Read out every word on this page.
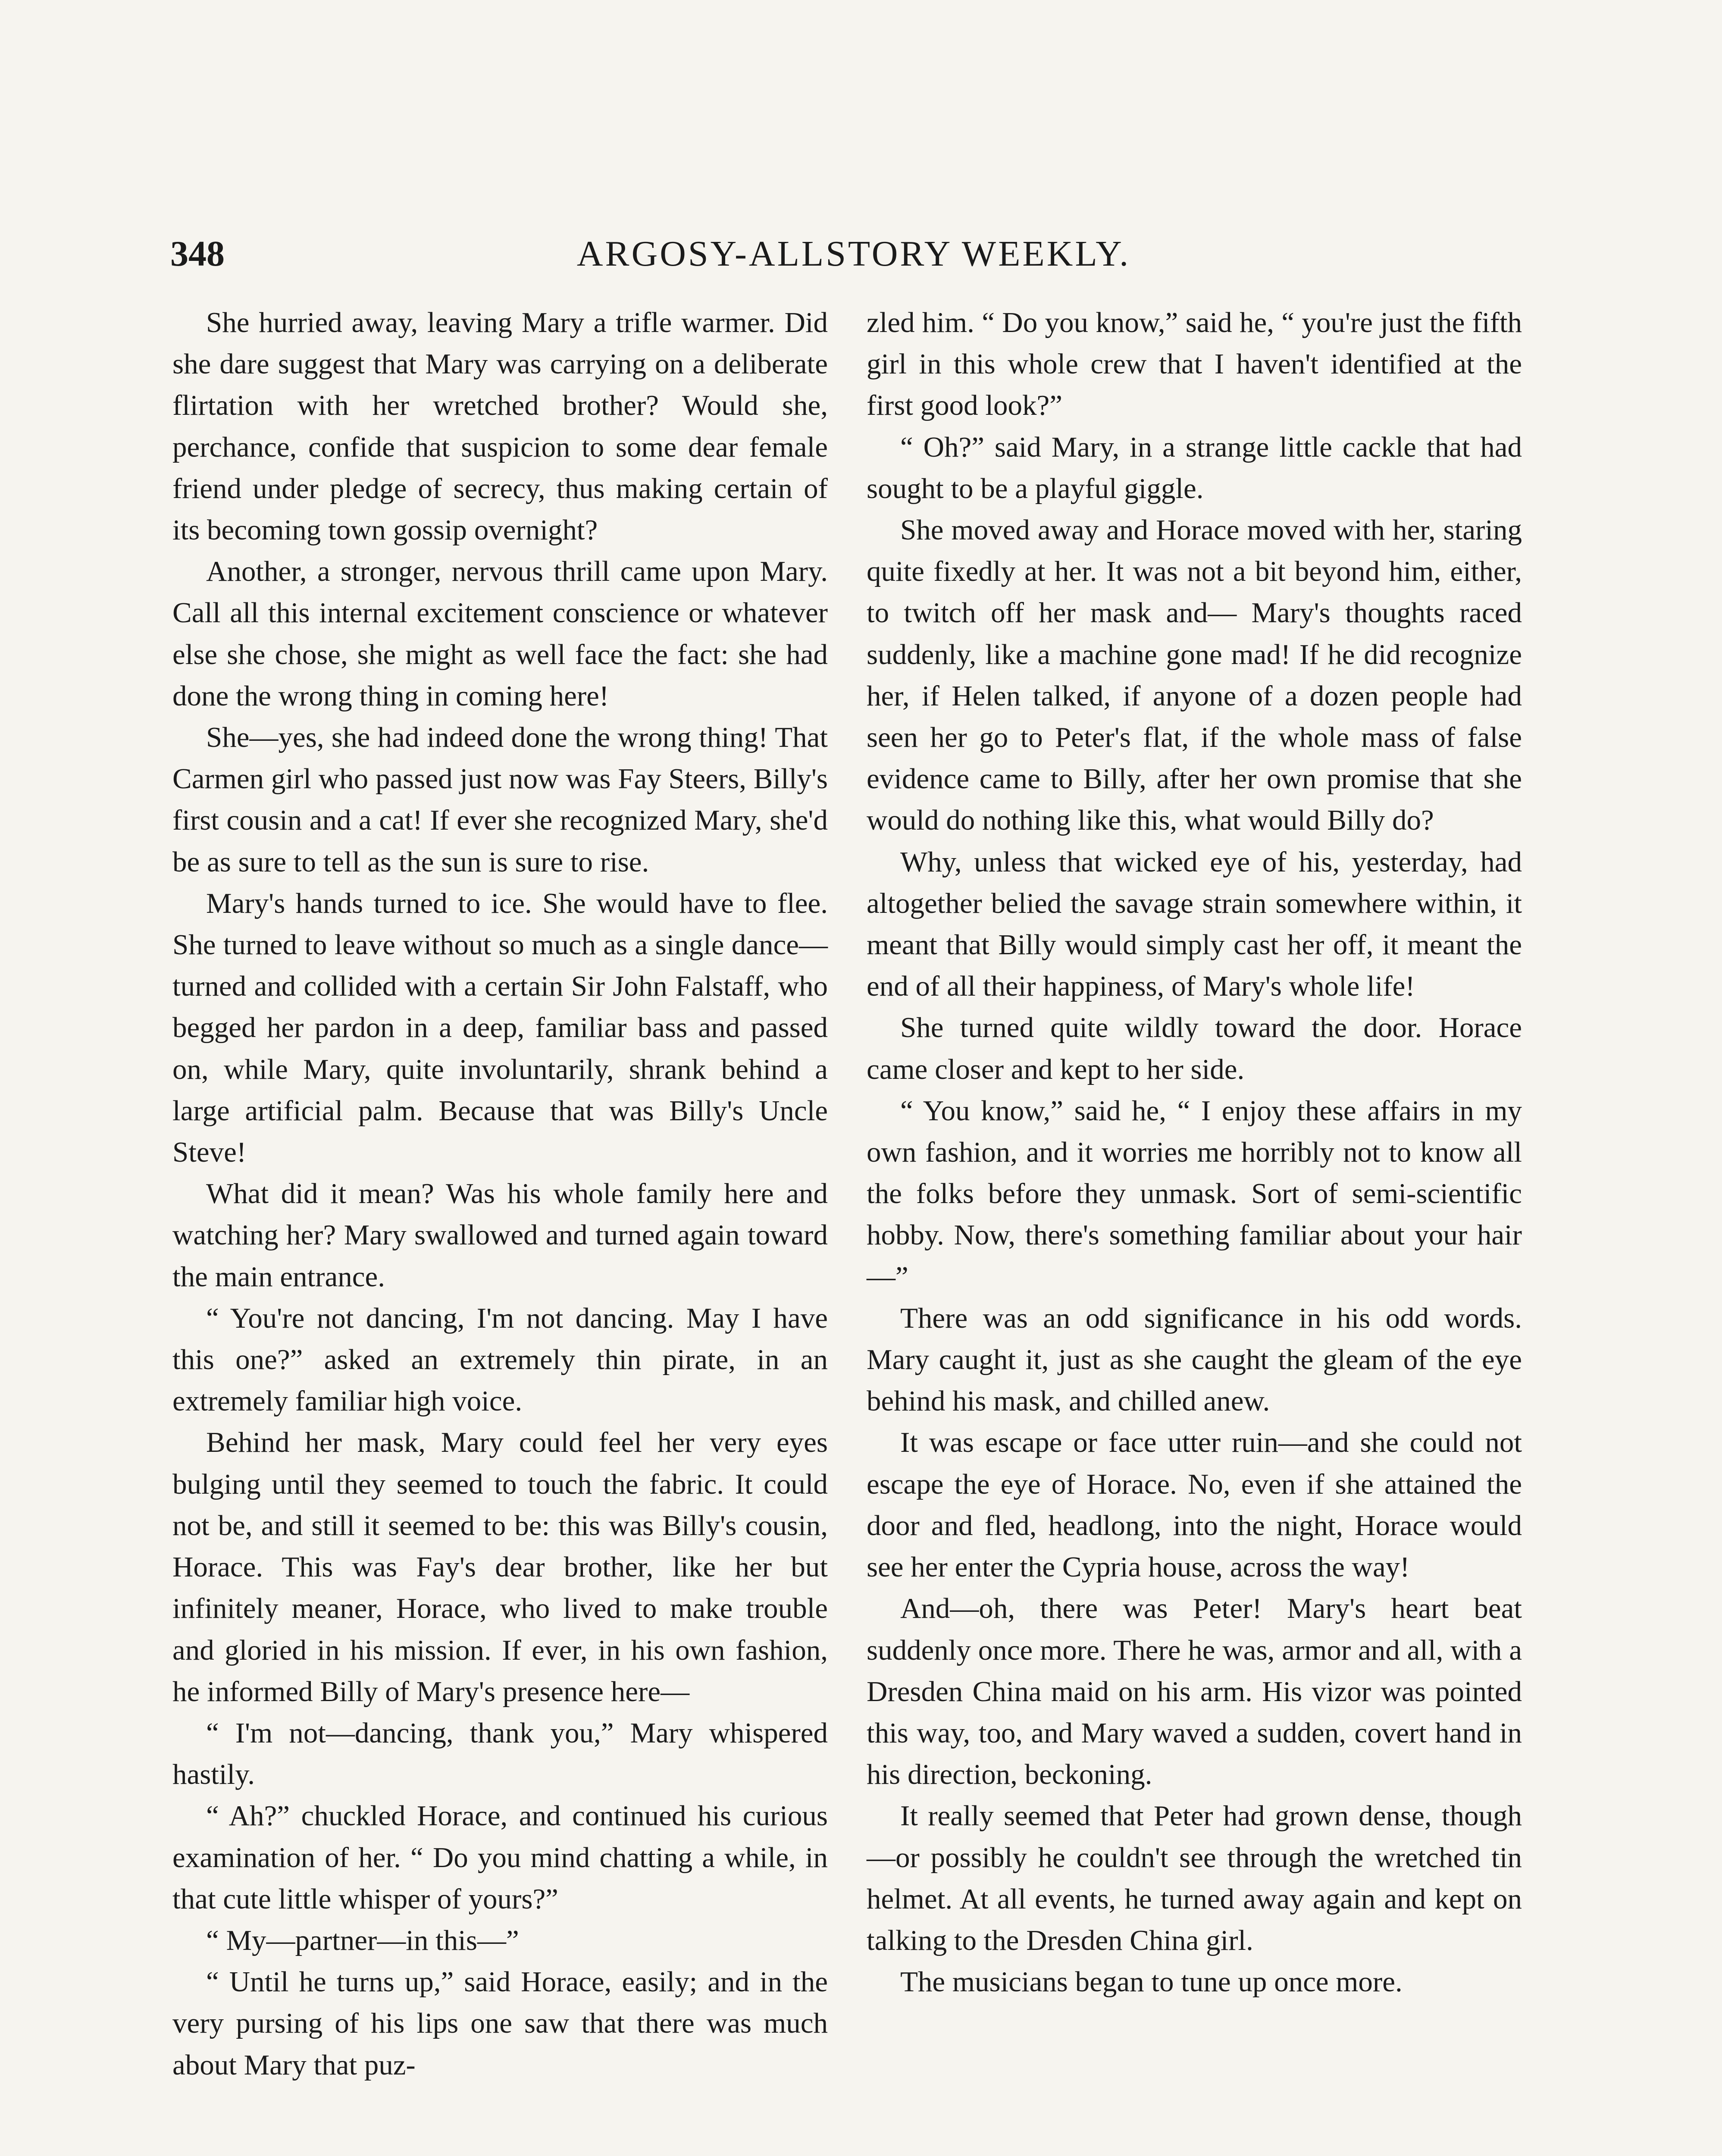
348	ARGOSY-ALLSTORY WEEKLY.

She hurried away, leaving Mary a trifle warmer. Did she dare suggest that Mary was carrying on a deliberate flirtation with her wretched brother? Would she, perchance, confide that suspicion to some dear female friend under pledge of secrecy, thus making certain of its becoming town gossip overnight?

Another, a stronger, nervous thrill came upon Mary. Call all this internal excitement conscience or whatever else she chose, she might as well face the fact: she had done the wrong thing in coming here!

She—yes, she had indeed done the wrong thing! That Carmen girl who passed just now was Fay Steers, Billy's first cousin and a cat! If ever she recognized Mary, she'd be as sure to tell as the sun is sure to rise.

Mary's hands turned to ice. She would have to flee. She turned to leave without so much as a single dance—turned and collided with a certain Sir John Falstaff, who begged her pardon in a deep, familiar bass and passed on, while Mary, quite involuntarily, shrank behind a large artificial palm. Because that was Billy's Uncle Steve!

What did it mean? Was his whole family here and watching her? Mary swallowed and turned again toward the main entrance.

“ You're not dancing, I'm not dancing. May I have this one?” asked an extremely thin pirate, in an extremely familiar high voice.

Behind her mask, Mary could feel her very eyes bulging until they seemed to touch the fabric. It could not be, and still it seemed to be: this was Billy's cousin, Horace. This was Fay's dear brother, like her but infinitely meaner, Horace, who lived to make trouble and gloried in his mission. If ever, in his own fashion, he informed Billy of Mary's presence here—

“ I'm not—dancing, thank you,” Mary whispered hastily.

“ Ah?” chuckled Horace, and continued his curious examination of her. “ Do you mind chatting a while, in that cute little whisper of yours?”

“ My—partner—in this—”

“ Until he turns up,” said Horace, easily; and in the very pursing of his lips one saw that there was much about Mary that puz-

zled him. “ Do you know,” said he, “ you're just the fifth girl in this whole crew that I haven't identified at the first good look?”

“ Oh?” said Mary, in a strange little cackle that had sought to be a playful giggle.

She moved away and Horace moved with her, staring quite fixedly at her. It was not a bit beyond him, either, to twitch off her mask and— Mary's thoughts raced suddenly, like a machine gone mad! If he did recognize her, if Helen talked, if anyone of a dozen people had seen her go to Peter's flat, if the whole mass of false evidence came to Billy, after her own promise that she would do nothing like this, what would Billy do?

Why, unless that wicked eye of his, yesterday, had altogether belied the savage strain somewhere within, it meant that Billy would simply cast her off, it meant the end of all their happiness, of Mary's whole life!

She turned quite wildly toward the door. Horace came closer and kept to her side.

“ You know,” said he, “ I enjoy these affairs in my own fashion, and it worries me horribly not to know all the folks before they unmask. Sort of semi-scientific hobby. Now, there's something familiar about your hair—”

There was an odd significance in his odd words. Mary caught it, just as she caught the gleam of the eye behind his mask, and chilled anew.

It was escape or face utter ruin—and she could not escape the eye of Horace. No, even if she attained the door and fled, headlong, into the night, Horace would see her enter the Cypria house, across the way!

And—oh, there was Peter! Mary's heart beat suddenly once more. There he was, armor and all, with a Dresden China maid on his arm. His vizor was pointed this way, too, and Mary waved a sudden, covert hand in his direction, beckoning.

It really seemed that Peter had grown dense, though—or possibly he couldn't see through the wretched tin helmet. At all events, he turned away again and kept on talking to the Dresden China girl.

The musicians began to tune up once more.
